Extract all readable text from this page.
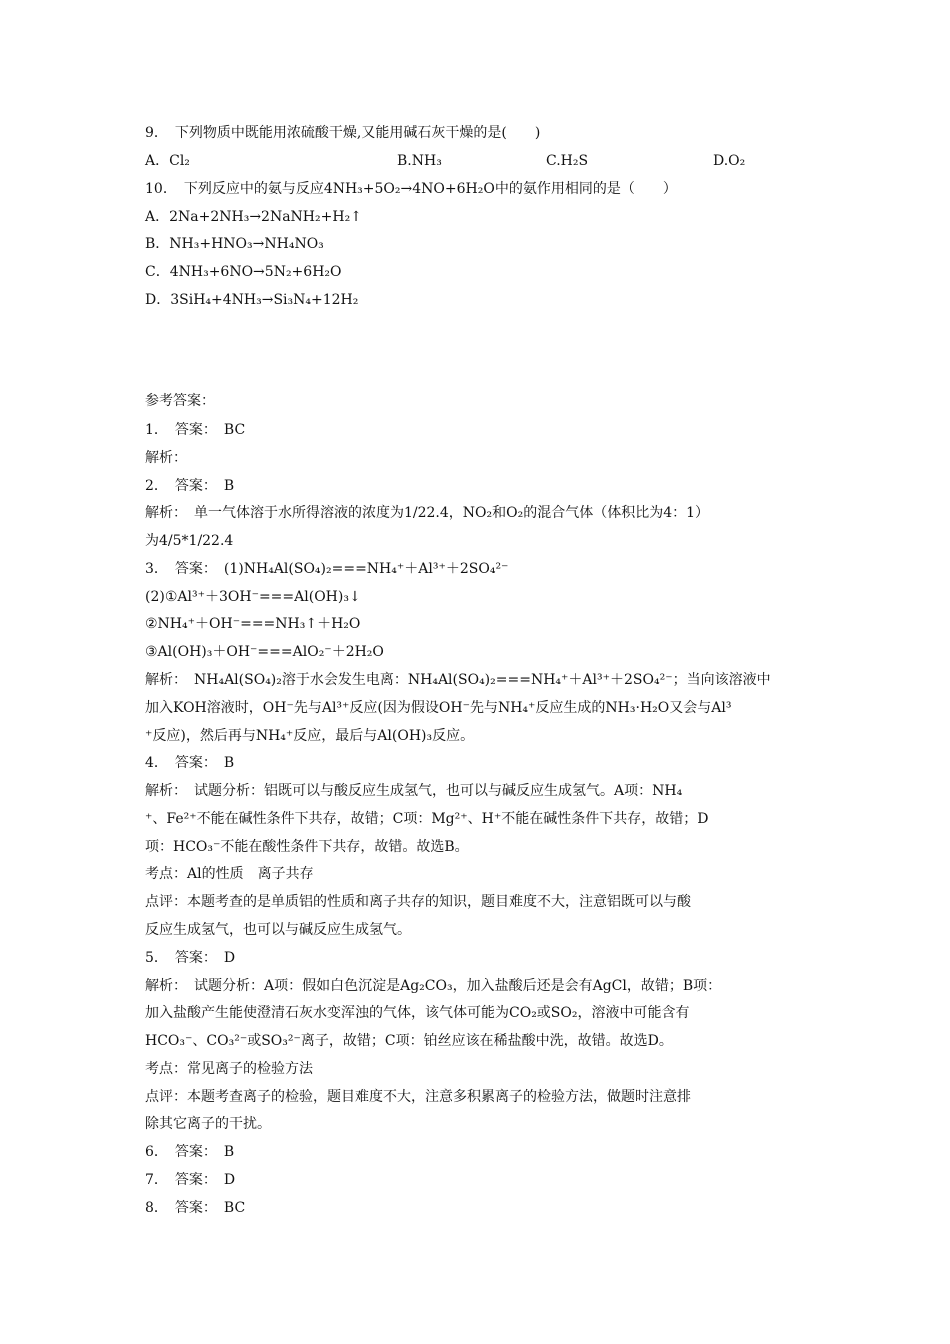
9．　下列物质中既能用浓硫酸干燥,又能用碱石灰干燥的是(　　)
A．Cl₂	B.NH₃	C.H₂S	D.O₂
10．　下列反应中的氨与反应4NH₃+5O₂→4NO+6H₂O中的氨作用相同的是（　　）
A．2Na+2NH₃→2NaNH₂+H₂↑
B．NH₃+HNO₃→NH₄NO₃
C．4NH₃+6NO→5N₂+6H₂O
D．3SiH₄+4NH₃→Si₃N₄+12H₂
参考答案：
1．　答案：　BC
解析：
2．　答案：　B
解析：　单一气体溶于水所得溶液的浓度为1/22.4，NO₂和O₂的混合气体（体积比为4：1）
为4/5*1/22.4
3．　答案：　(1)NH₄Al(SO₄)₂===NH₄⁺＋Al³⁺＋2SO₄²⁻
(2)①Al³⁺＋3OH⁻===Al(OH)₃↓
②NH₄⁺＋OH⁻===NH₃↑＋H₂O
③Al(OH)₃＋OH⁻===AlO₂⁻＋2H₂O
解析：　NH₄Al(SO₄)₂溶于水会发生电离：NH₄Al(SO₄)₂===NH₄⁺＋Al³⁺＋2SO₄²⁻；当向该溶液中
加入KOH溶液时，OH⁻先与Al³⁺反应(因为假设OH⁻先与NH₄⁺反应生成的NH₃·H₂O又会与Al³
⁺反应)，然后再与NH₄⁺反应，最后与Al(OH)₃反应。
4．　答案：　B
解析：　试题分析：铝既可以与酸反应生成氢气，也可以与碱反应生成氢气。A项：NH₄
⁺、Fe²⁺不能在碱性条件下共存，故错；C项：Mg²⁺、H⁺不能在碱性条件下共存，故错；D
项：HCO₃⁻不能在酸性条件下共存，故错。故选B。
考点：Al的性质　离子共存
点评：本题考查的是单质铝的性质和离子共存的知识，题目难度不大，注意铝既可以与酸
反应生成氢气，也可以与碱反应生成氢气。
5．　答案：　D
解析：　试题分析：A项：假如白色沉淀是Ag₂CO₃，加入盐酸后还是会有AgCl，故错；B项：
加入盐酸产生能使澄清石灰水变浑浊的气体，该气体可能为CO₂或SO₂，溶液中可能含有
HCO₃⁻、CO₃²⁻或SO₃²⁻离子，故错；C项：铂丝应该在稀盐酸中洗，故错。故选D。
考点：常见离子的检验方法
点评：本题考查离子的检验，题目难度不大，注意多积累离子的检验方法，做题时注意排
除其它离子的干扰。
6．　答案：　B
7．　答案：　D
8．　答案：　BC
